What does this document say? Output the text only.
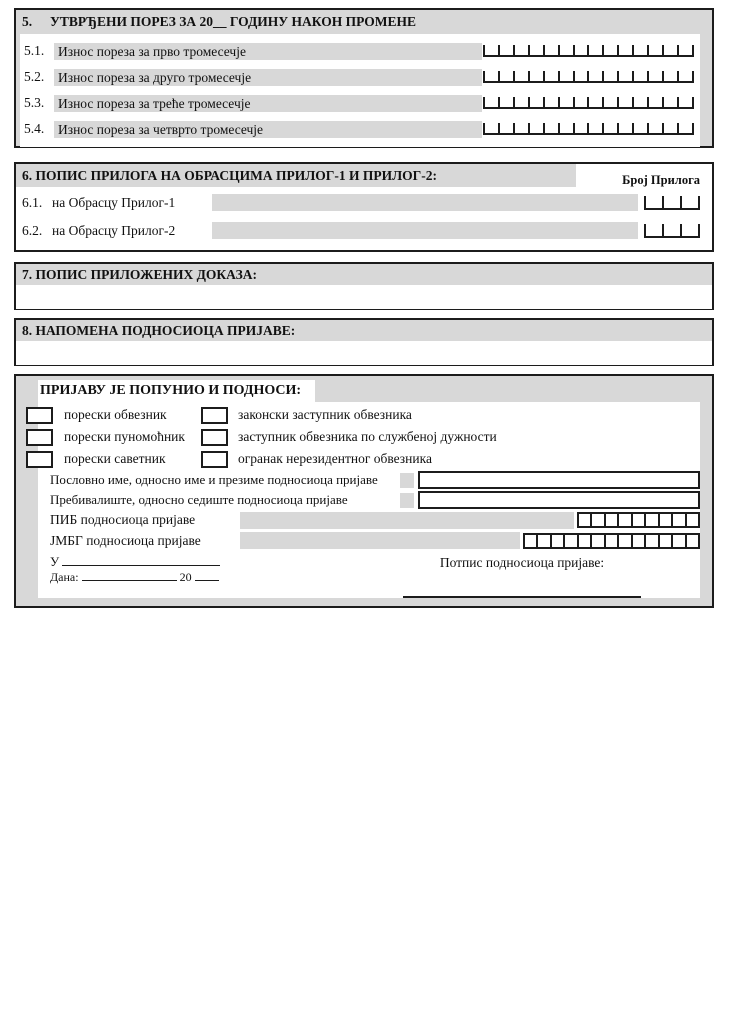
5.	УТВРЂЕНИ ПОРЕЗ ЗА 20__ ГОДИНУ НАКОН ПРОМЕНЕ
5.1.	Износ пореза за прво тромесечје
5.2.	Износ пореза за друго тромесечје
5.3.	Износ пореза за треће тромесечје
5.4.	Износ пореза за четврто тромесечје
6. ПОПИС ПРИЛОГА НА ОБРАСЦИМА ПРИЛОГ-1 И ПРИЛОГ-2:	Број Прилога
6.1. на Обрасцу Прилог-1
6.2. на Обрасцу Прилог-2
7. ПОПИС ПРИЛОЖЕНИХ ДОКАЗА:
8. НАПОМЕНА ПОДНОСИОЦА ПРИЈАВЕ:
ПРИЈАВУ ЈЕ ПОПУНИО И ПОДНОСИ:
порески обвезник	законски заступник обвезника
порески пуномоћник	заступник обвезника по службеној дужности
порески саветник	огранак нерезидентног обвезника
Пословно име, односно име и презиме подносиоца пријаве
Пребивалиште, односно седиште подносиоца пријаве
ПИБ подносиоца пријаве
ЈМБГ подносиоца пријаве
У
Дана:	20
Потпис подносиоца пријаве:
